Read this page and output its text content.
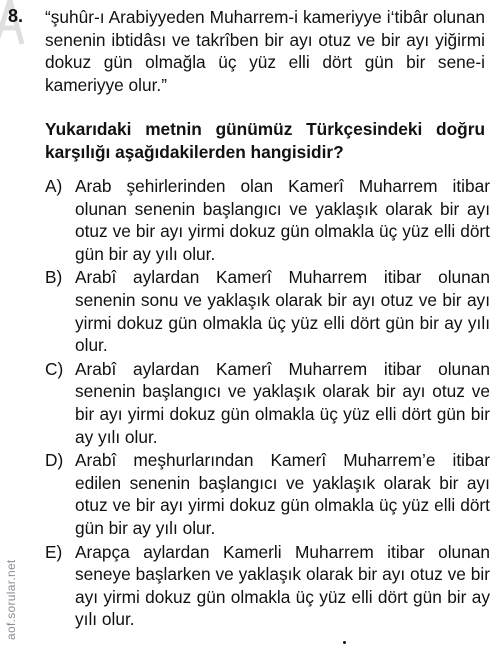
8. “şuhûr-ı Arabiyyeden Muharrem-i kameriyye i‘tibâr olunan senenin ibtidâsı ve takrîben bir ayı otuz ve bir ayı yiğirmi dokuz gün olmağla üç yüz elli dört gün bir sene-i kameriyye olur.”
Yukarıdaki metnin günümüz Türkçesindeki doğru karşılığı aşağıdakilerden hangisidir?
A) Arab şehirlerinden olan Kamerî Muharrem itibar olunan senenin başlangıcı ve yaklaşık olarak bir ayı otuz ve bir ayı yirmi dokuz gün olmakla üç yüz elli dört gün bir ay yılı olur.
B) Arabî aylardan Kamerî Muharrem itibar olunan senenin sonu ve yaklaşık olarak bir ayı otuz ve bir ayı yirmi dokuz gün olmakla üç yüz elli dört gün bir ay yılı olur.
C) Arabî aylardan Kamerî Muharrem itibar olunan senenin başlangıcı ve yaklaşık olarak bir ayı otuz ve bir ayı yirmi dokuz gün olmakla üç yüz elli dört gün bir ay yılı olur.
D) Arabî meşhurlarından Kamerî Muharrem’e itibar edilen senenin başlangıcı ve yaklaşık olarak bir ayı otuz ve bir ayı yirmi dokuz gün olmakla üç yüz elli dört gün bir ay yılı olur.
E) Arapça aylardan Kamerli Muharrem itibar olunan seneye başlarken ve yaklaşık olarak bir ayı otuz ve bir ayı yirmi dokuz gün olmakla üç yüz elli dört gün bir ay yılı olur.
aof.sorular.net
